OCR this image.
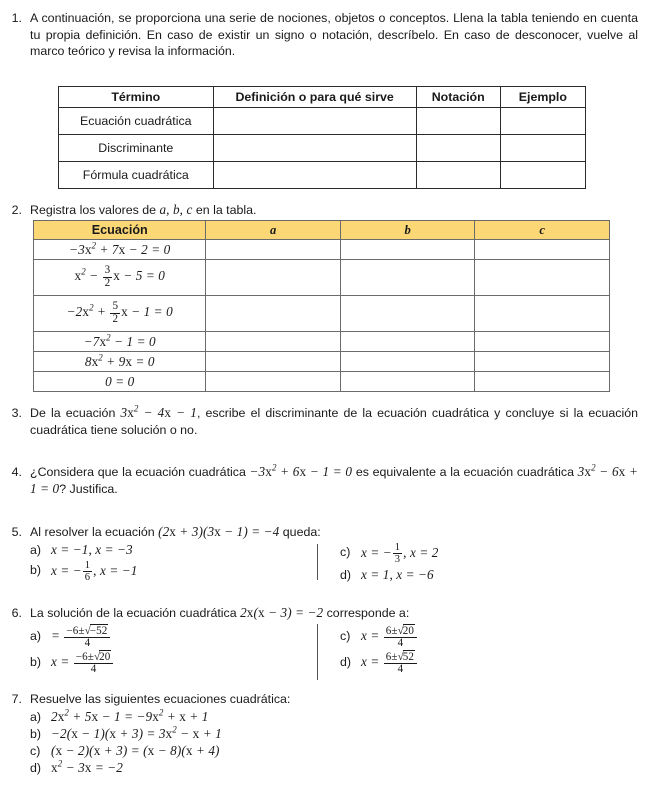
1. A continuación, se proporciona una serie de nociones, objetos o conceptos. Llena la tabla teniendo en cuenta tu propia definición. En caso de existir un signo o notación, descríbelo. En caso de desconocer, vuelve al marco teórico y revisa la información.
Término	Definición o para qué sirve	Notación	Ejemplo
Ecuación cuadrática			
Discriminante			
Fórmula cuadrática			
2. Registra los valores de a, b, c en la tabla.
Ecuación	a	b	c
$-3x^2 + 7x - 2 = 0$			
$x^2 - \frac{3}{2}$ x − 5 = 0			
$-2x^2 + \frac{5}{2}$ x − 1 = 0			
$-7x^2 - 1 = 0$			
$8x^2 + 9x = 0$			
0 = 0			
3. De la ecuación $3x^2 - 4x - 1$, escribe el discriminante de la ecuación cuadrática y concluye si la ecuación cuadrática tiene solución o no.
4. ¿Considera que la ecuación cuadrática $-3x^2 + 6x - 1 = 0$ es equivalente a la ecuación cuadrática $3x^2 - 6x + 1 = 0$? Justifica.
5. Al resolver la ecuación (2x + 3)(3x − 1) = −4 queda:
a) x = −1, x = −3
b) x = − $\frac{1}{6}$ , x = −1
c) x = − $\frac{1}{3}$ , x = 2
d) x = 1, x = −6
6. La solución de la ecuación cuadrática 2x(x − 3) = −2 corresponde a:
$a) = \frac{-6\pm√-52}{4}$
b) $x = \frac{-6\pm√20}{4}$
c) $x = \frac{6\pm√20}{4}$
d) $x = \frac{6\pm√52}{4}$
7. Resuelve las siguientes ecuaciones cuadrática:
a) $2x^2 + 5x - 1 = -9x^2 + x + 1$
$b) -2(x - 1)(x + 3) = 3x^2 - x + 1$
c) (x − 2)(x + 3) = (x − 8)(x + 4)
d) $x^2 - 3x = -2$
